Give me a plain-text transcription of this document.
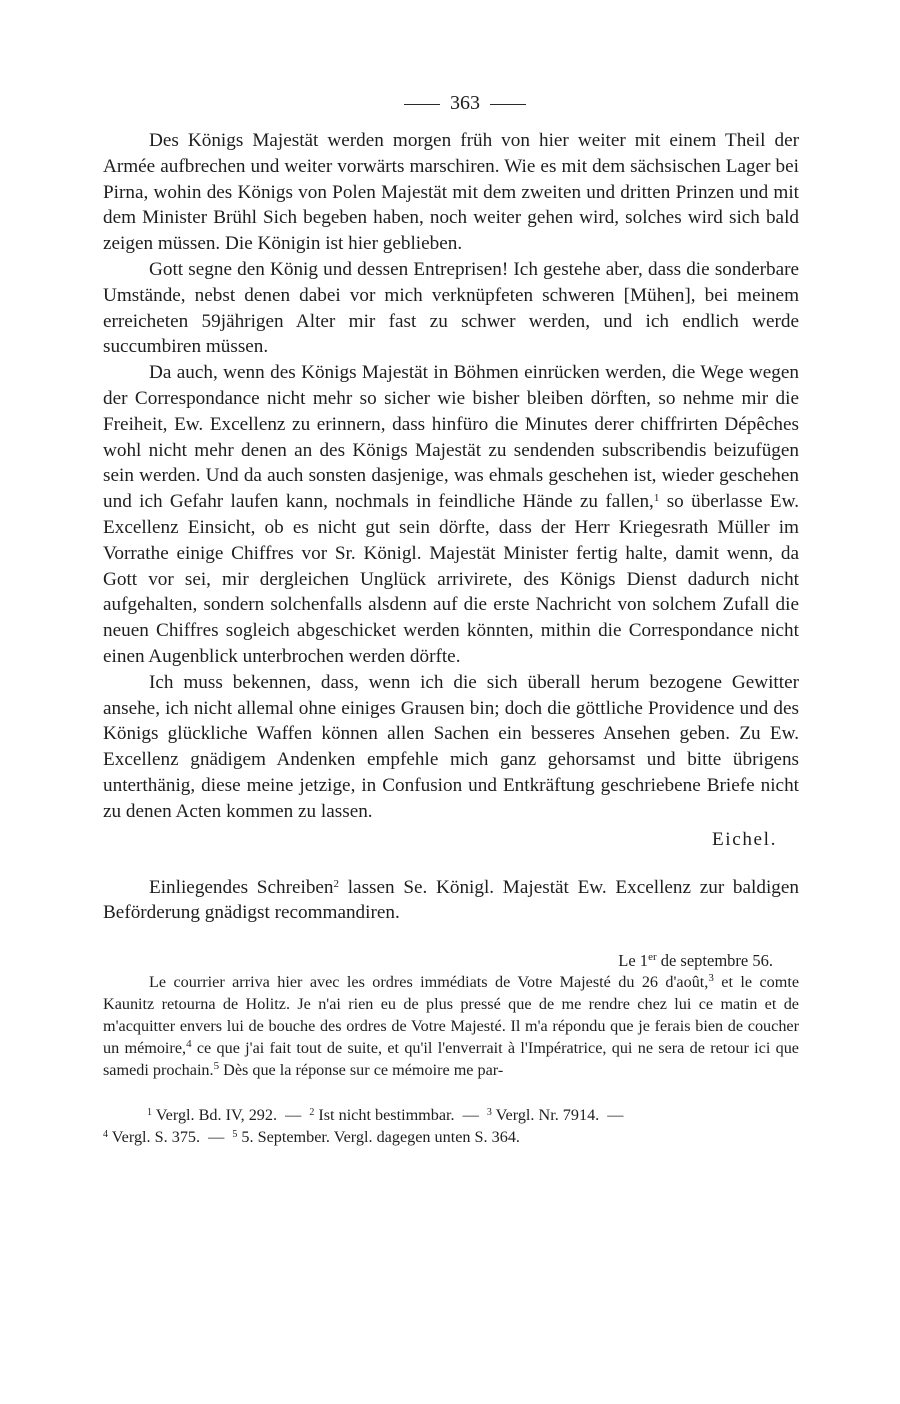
363

Des Königs Majestät werden morgen früh von hier weiter mit einem Theil der Armée aufbrechen und weiter vorwärts marschiren. Wie es mit dem sächsischen Lager bei Pirna, wohin des Königs von Polen Majestät mit dem zweiten und dritten Prinzen und mit dem Minister Brühl Sich begeben haben, noch weiter gehen wird, solches wird sich bald zeigen müssen. Die Königin ist hier geblieben.

Gott segne den König und dessen Entreprisen! Ich gestehe aber, dass die sonderbare Umstände, nebst denen dabei vor mich verknüpfeten schweren [Mühen], bei meinem erreicheten 59jährigen Alter mir fast zu schwer werden, und ich endlich werde succumbiren müssen.

Da auch, wenn des Königs Majestät in Böhmen einrücken werden, die Wege wegen der Correspondance nicht mehr so sicher wie bisher bleiben dörften, so nehme mir die Freiheit, Ew. Excellenz zu erinnern, dass hinfüro die Minutes derer chiffrirten Dépêches wohl nicht mehr denen an des Königs Majestät zu sendenden subscribendis beizufügen sein werden. Und da auch sonsten dasjenige, was ehmals geschehen ist, wieder geschehen und ich Gefahr laufen kann, nochmals in feindliche Hände zu fallen,$^1$ so überlasse Ew. Excellenz Einsicht, ob es nicht gut sein dörfte, dass der Herr Kriegesrath Müller im Vorrathe einige Chiffres vor Sr. Königl. Majestät Minister fertig halte, damit wenn, da Gott vor sei, mir dergleichen Unglück arrivirete, des Königs Dienst dadurch nicht aufgehalten, sondern solchenfalls alsdenn auf die erste Nachricht von solchem Zufall die neuen Chiffres sogleich abgeschicket werden könnten, mithin die Correspondance nicht einen Augenblick unterbrochen werden dörfte.

Ich muss bekennen, dass, wenn ich die sich überall herum bezogene Gewitter ansehe, ich nicht allemal ohne einiges Grausen bin; doch die göttliche Providence und des Königs glückliche Waffen können allen Sachen ein besseres Ansehen geben. Zu Ew. Excellenz gnädigem Andenken empfehle mich ganz gehorsamst und bitte übrigens unterthänig, diese meine jetzige, in Confusion und Entkräftung geschriebene Briefe nicht zu denen Acten kommen zu lassen.

Eichel.

Einliegendes Schreiben$^2$ lassen Se. Königl. Majestät Ew. Excellenz zur baldigen Beförderung gnädigst recommandiren.

Le 1er de septembre 56.

Le courrier arriva hier avec les ordres immédiats de Votre Majesté du 26 d'août,$^3$ et le comte Kaunitz retourna de Holitz. Je n'ai rien eu de plus pressé que de me rendre chez lui ce matin et de m'acquitter envers lui de bouche des ordres de Votre Majesté. Il m'a répondu que je ferais bien de coucher un mémoire,$^4$ ce que j'ai fait tout de suite, et qu'il l'enverrait à l'Impératrice, qui ne sera de retour ici que samedi prochain.$^5$ Dès que la réponse sur ce mémoire me par-

$^1$ Vergl. Bd. IV, 292. — $^2$ Ist nicht bestimmbar. — $^3$ Vergl. Nr. 7914. —

$^4$ Vergl. S. 375. — $^5$ 5. September. Vergl. dagegen unten S. 364.
